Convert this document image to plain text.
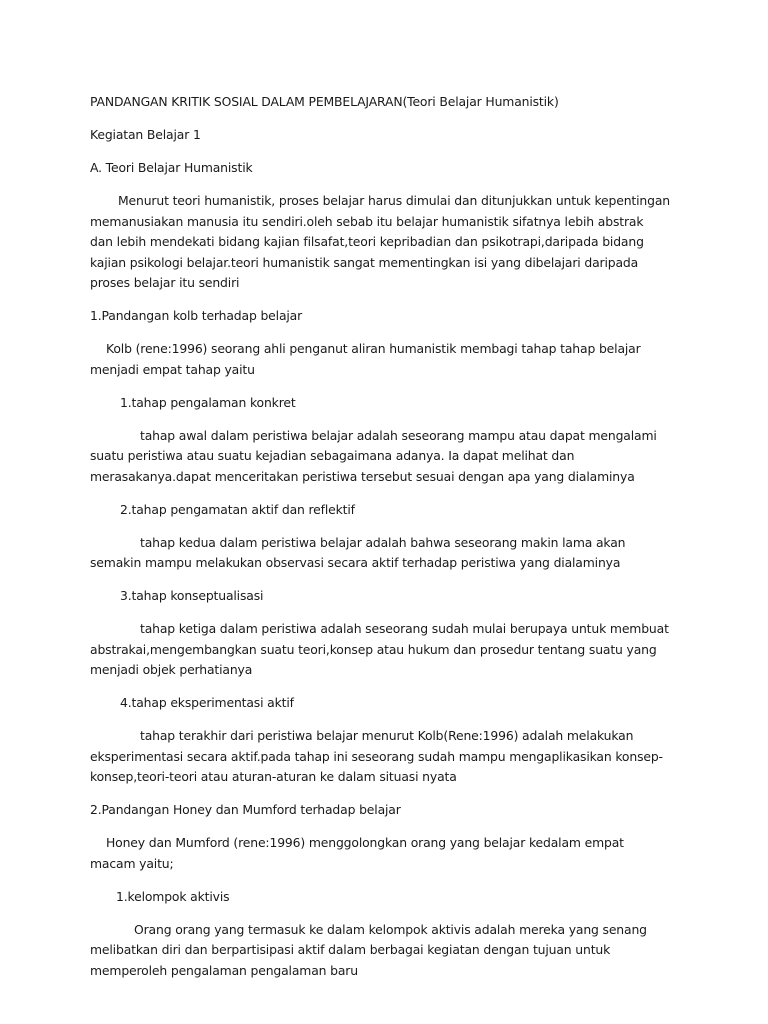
PANDANGAN KRITIK SOSIAL DALAM PEMBELAJARAN(Teori Belajar Humanistik)

Kegiatan Belajar 1

A. Teori Belajar Humanistik

Menurut teori humanistik, proses belajar harus dimulai dan ditunjukkan untuk kepentingan memanusiakan manusia itu sendiri.oleh sebab itu belajar humanistik sifatnya lebih abstrak dan lebih mendekati bidang kajian filsafat,teori kepribadian dan psikotrapi,daripada bidang kajian psikologi belajar.teori humanistik sangat mementingkan isi yang dibelajari daripada proses belajar itu sendiri

1.Pandangan kolb terhadap belajar

Kolb (rene:1996) seorang ahli penganut aliran humanistik membagi tahap tahap belajar menjadi empat tahap yaitu

1.tahap pengalaman konkret

tahap awal dalam peristiwa belajar adalah seseorang mampu atau dapat mengalami suatu peristiwa atau suatu kejadian sebagaimana adanya. Ia dapat melihat dan merasakanya.dapat menceritakan peristiwa tersebut sesuai dengan apa yang dialaminya

2.tahap pengamatan aktif dan reflektif

tahap kedua dalam peristiwa belajar adalah bahwa seseorang makin lama akan semakin mampu melakukan observasi secara aktif terhadap peristiwa yang dialaminya

3.tahap konseptualisasi

tahap ketiga dalam peristiwa adalah seseorang sudah mulai berupaya untuk membuat abstrakai,mengembangkan suatu teori,konsep atau hukum dan prosedur tentang suatu yang menjadi objek perhatianya

4.tahap eksperimentasi aktif

tahap terakhir dari peristiwa belajar menurut Kolb(Rene:1996) adalah melakukan eksperimentasi secara aktif.pada tahap ini seseorang sudah mampu mengaplikasikan konsep-konsep,teori-teori atau aturan-aturan ke dalam situasi nyata

2.Pandangan Honey dan Mumford terhadap belajar

Honey dan Mumford (rene:1996) menggolongkan orang yang belajar kedalam empat macam yaitu;

1.kelompok aktivis

Orang orang yang termasuk ke dalam kelompok aktivis adalah mereka yang senang melibatkan diri dan berpartisipasi aktif dalam berbagai kegiatan dengan tujuan untuk memperoleh pengalaman pengalaman baru
